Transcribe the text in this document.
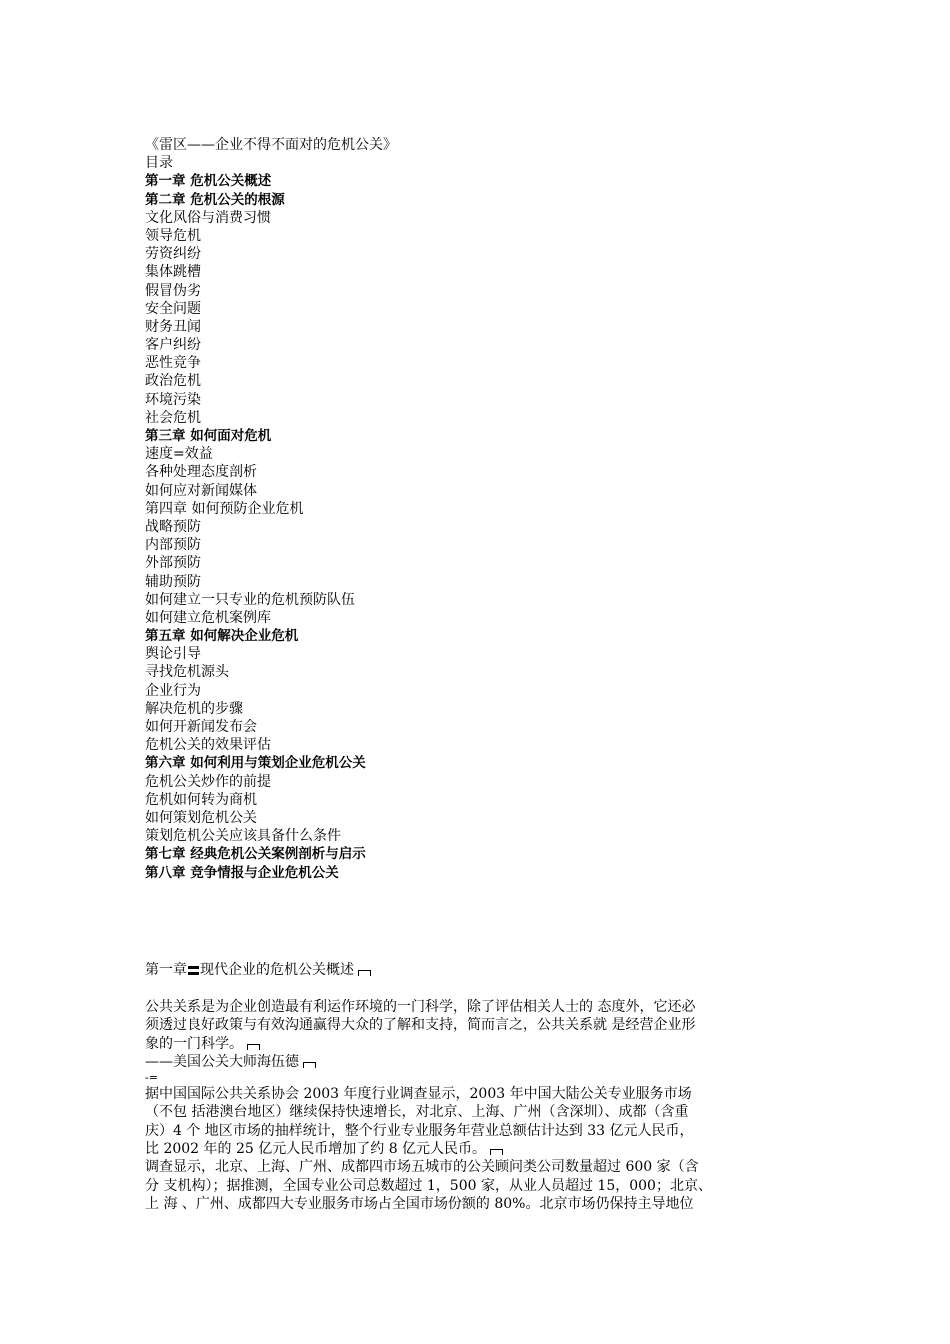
《雷区——企业不得不面对的危机公关》
目录
第一章 危机公关概述
第二章 危机公关的根源
文化风俗与消费习惯
领导危机
劳资纠纷
集体跳槽
假冒伪劣
安全问题
财务丑闻
客户纠纷
恶性竞争
政治危机
环境污染
社会危机
第三章 如何面对危机
速度=效益
各种处理态度剖析
如何应对新闻媒体
第四章 如何预防企业危机
战略预防
内部预防
外部预防
辅助预防
如何建立一只专业的危机预防队伍
如何建立危机案例库
第五章 如何解决企业危机
舆论引导
寻找危机源头
企业行为
解决危机的步骤
如何开新闻发布会
危机公关的效果评估
第六章 如何利用与策划企业危机公关
危机公关炒作的前提
危机如何转为商机
如何策划危机公关
策划危机公关应该具备什么条件
第七章 经典危机公关案例剖析与启示
第八章 竞争情报与企业危机公关
第一章 现代企业的危机公关概述

公共关系是为企业创造最有利运作环境的一门科学，除了评估相关人士的 态度外，它还必

须透过良好政策与有效沟通赢得大众的了解和支持，简而言之，公共关系就 是经营企业形

象的一门科学。

——美国公关大师海伍德

-=

据中国国际公共关系协会 2003 年度行业调查显示，2003 年中国大陆公关专业服务市场

（不包 括港澳台地区）继续保持快速增长，对北京、上海、广州（含深圳）、成都（含重

庆）4 个 地区市场的抽样统计，整个行业专业服务年营业总额估计达到 33 亿元人民币，

比 2002 年的 25 亿元人民币增加了约 8 亿元人民币。

调查显示，北京、上海、广州、成都四市场五城市的公关顾问类公司数量超过 600 家（含

分 支机构）；据推测，全国专业公司总数超过 1，500 家，从业人员超过 15，000；北京、

上 海 、广州、成都四大专业服务市场占全国市场份额的 80%。北京市场仍保持主导地位
